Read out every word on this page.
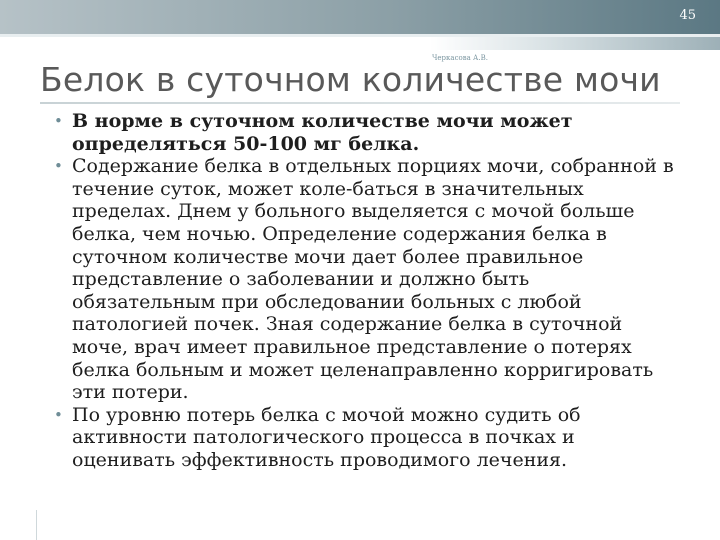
45
Черкасова А.В.
Белок в суточном количестве мочи
• В норме в суточном количестве мочи может определяться 50-100 мг белка.
• Содержание белка в отдельных порциях мочи, собранной в течение суток, может коле-баться в значительных пределах. Днем у больного выделяется с мочой больше белка, чем ночью. Определение содержания белка в суточном количестве мочи дает более правильное представление о заболевании и должно быть обязательным при обследовании больных с любой патологией почек. Зная содержание белка в суточной моче, врач имеет правильное представление о потерях белка больным и может целенаправленно корригировать эти потери.
• По уровню потерь белка с мочой можно судить об активности патологического процесса в почках и оценивать эффективность проводимого лечения.
